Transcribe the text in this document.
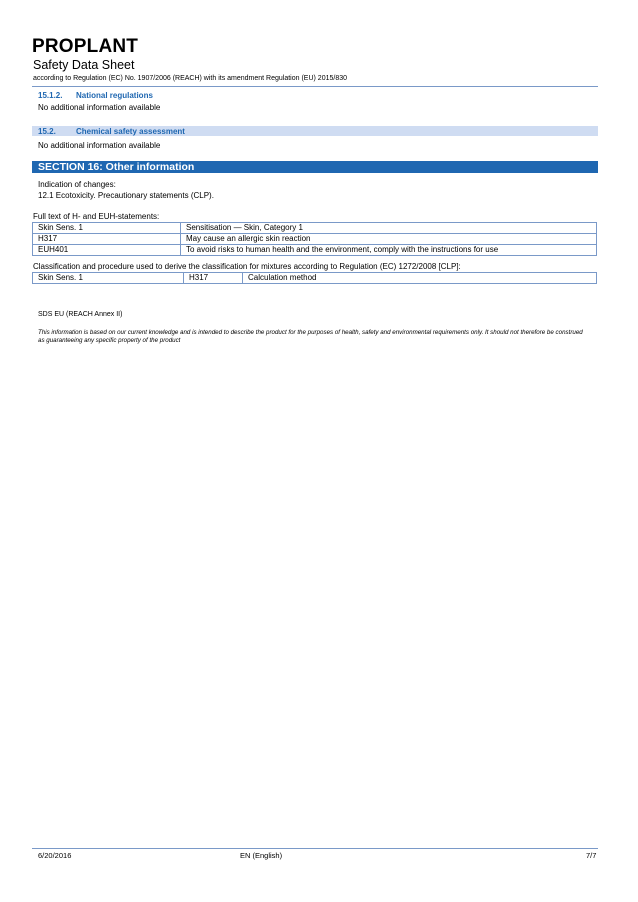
PROPLANT
Safety Data Sheet
according to Regulation (EC) No. 1907/2006 (REACH) with its amendment Regulation (EU) 2015/830
15.1.2. National regulations
No additional information available
15.2.	Chemical safety assessment
No additional information available
SECTION 16: Other information
Indication of changes:
12.1 Ecotoxicity. Precautionary statements (CLP).
Full text of H- and EUH-statements:
Skin Sens. 1	Sensitisation — Skin, Category 1
H317	May cause an allergic skin reaction
EUH401	To avoid risks to human health and the environment, comply with the instructions for use
Classification and procedure used to derive the classification for mixtures according to Regulation (EC) 1272/2008 [CLP]:
Skin Sens. 1	H317	Calculation method
SDS EU (REACH Annex II)
This information is based on our current knowledge and is intended to describe the product for the purposes of health, safety and environmental requirements only. It should not therefore be construed as guaranteeing any specific property of the product
6/20/2016	EN (English)	7/7
